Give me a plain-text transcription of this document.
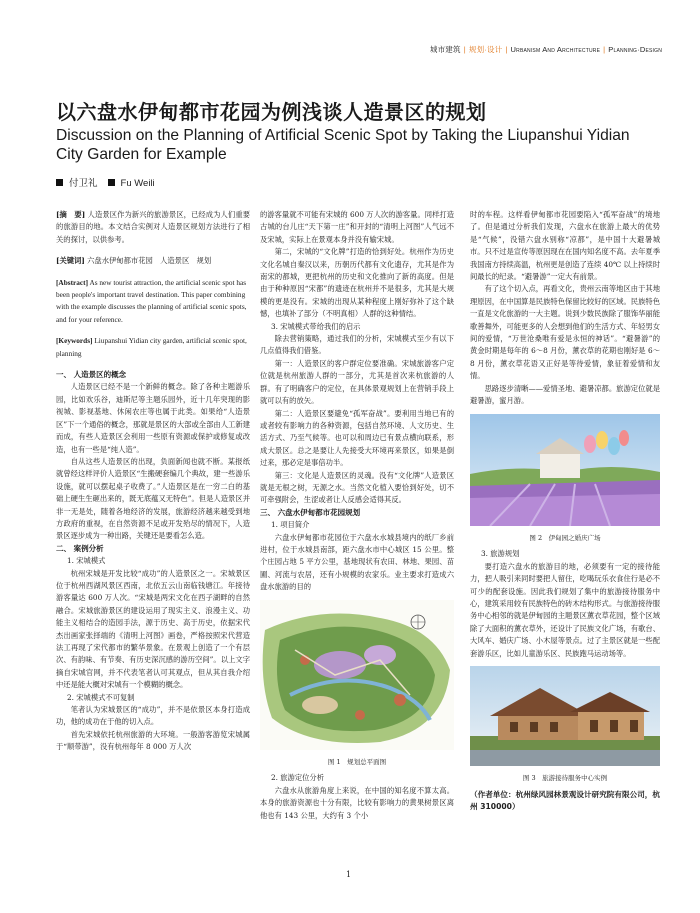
城市建筑 | 规划·设计 | Urbanism And Architecture | Planning·Design
以六盘水伊甸都市花园为例浅谈人造景区的规划

Discussion on the Planning of Artificial Scenic Spot by Taking the Liupanshui Yidian City Garden for Example

付卫礼 Fu Weili

[摘　要] 人造景区作为新兴的旅游景区，已经成为人们重要的旅游目的地。本文结合实例对人造景区规划方法进行了相关的探讨，以供参考。

[关键词] 六盘水伊甸都市花园　人造景区　规划

[Abstract] As new tourist attraction, the artificial scenic spot has been people's important travel destination. This paper combining with the example discusses the planning of artificial scenic spots, and for your reference.

[Keywords] Liupanshui Yidian city garden, artificial scenic spot, planning

一、 人造景区的概念

人造景区已经不是一个新鲜的概念。除了各种主题游乐园，比如欢乐谷，迪斯尼等主题乐园外，近十几年突现的影视城、影视基地、休闲农庄等也属于此类。如果给“人造景区”下一个通俗的概念，那就是景区的大部或全部由人工新建而成，有些人造景区会利用一些原有资源或保护或修复或改造，也有一些是“纯人造”。

自从这些人造景区的出现，负面新闻也就不断。某报纸就曾经这样评价人造景区“生搬硬套编几个典故，建一些游乐设施，就可以摆起桌子收费了。”人造景区是在一穷二白的基础上硬生生砸出来的，既无底蕴又无特色”。但是人造景区并非一无是处，随着各地经济的发展，旅游经济越来越受到地方政府的重视，在自然资源不足或开发殆尽的情况下，人造景区逐步成为一种出路，关键还是要看怎么造。

二、 案例分析

1. 宋城模式

杭州宋城是开发比较“成功”的人造景区之一。宋城景区位于杭州西湖风景区西南，北依五云山南临钱塘江。年接待游客量达 600 万人次。“宋城是两宋文化在西子湖畔的自然融合。宋城旅游景区的建设运用了现实主义、浪漫主义、功能主义相结合的造园手法，源于历史、高于历史，依据宋代杰出画家张择端的《清明上河图》画卷，严格按照宋代营造法工再现了宋代都市的繁华景象。在景观上创造了一个有层次、有韵味、有节奏、有历史深沉感的游历空间”。以上文字摘自宋城官网，并不代表笔者认可其观点，但从其自我介绍中还是能大概对宋城有一个模糊的概念。

2. 宋城模式不可复制

笔者认为宋城景区的“成功”，并不是依景区本身打造成功，他的成功在于他的切入点。

首先宋城依托杭州旅游的大环境。一般游客游览宋城属于“顺带游”，没有杭州每年 8 000 万人次

的游客量就不可能有宋城的 600 万人次的游客量。同样打造古城的台儿庄“天下第一庄”和开封的“清明上河图”人气远不及宋城，实际上在景观本身并没有输宋城。

第二，宋城的“文化牌”打造的恰到好处。杭州作为历史文化名城自秦汉以来，历朝历代都有文化遗存，尤其是作为南宋的都城，更把杭州的历史和文化推向了新的高度。但是由于种种原因“宋都”的遗迹在杭州并不是很多，尤其是大规模的更是没有。宋城的出现从某种程度上刚好弥补了这个缺憾，也填补了部分（不明真相）人群的这种情结。

3. 宋城模式带给我们的启示

除去营销策略，通过我们的分析，宋城模式至少有以下几点值得我们借鉴。

第一：人造景区的客户群定位要准确。宋城旅游客户定位就是杭州旅游人群的一部分，尤其是首次来杭旅游的人群。有了明确客户的定位，在具体景观规划上在营销手段上就可以有的放矢。

第二：人造景区要避免“孤军奋战”。要利用当地已有的或者较有影响力的各种资源，包括自然环境、人文历史、生活方式、乃至气候等。也可以和周边已有景点横向联系，形成大景区。总之是要让人先接受大环境再来景区，如果是倒过来，那必定是事倍功半。

第三：文化是人造景区的灵魂。没有“文化牌”人造景区就是无根之树，无源之水。当然文化植入要恰到好处，切不可牵强附会，生涩或者让人反感会适得其反。

三、 六盘水伊甸都市花园规划

1. 项目简介

六盘水伊甸都市花园位于六盘水水城县境内的纸厂乡前进村，位于水城县南部，距六盘水市中心城区 15 公里。整个庄园占地 5 平方公里，基地现状有农田、林地、果园、苗圃、河流与农居，还有小规模的农家乐。业主要求打造成六盘水旅游的目的

图 1　规划总平面图

2. 旅游定位分析

六盘水从旅游角度上来说，在中国的知名度不算太高。本身的旅游资源也十分有限，比较有影响力的黄果树景区离他也有 143 公里，大约有 3 个小

时的车程。这样看伊甸都市花园要陷入“孤军奋战”的境地了。但是通过分析我们发现，六盘水在旅游上最大的优势是“气候”，没错六盘水别称“凉都”，是中国十大避暑城市。只不过是宣传等原因现在在国内知名度不高。去年夏季我国南方持续高温，杭州更是创造了连续 40℃ 以上持续时间最长的纪录。“避暑游”一定大有前景。

有了这个切入点，再看文化，贵州云南等地区由于其地理原因，在中国算是民族特色保留比较好的区域。民族特色一直是文化旅游的一大主题。说到少数民族除了服饰华丽能歌善舞外，可能更多的人会想到他们的生活方式、年轻男女间的爱情，“万世沧桑唯有爱是永恒的神话”。“避暑游”的黄金时期是每年的 6～8 月份，薰衣草的花期也刚好是 6～8 月份，薰衣草花语又正好是等待爱情，象征着爱情和友情。

思路逐步清晰——爱情圣地、避暑凉都。旅游定位就是避暑游，蜜月游。

图 2　伊甸园之婚庆广场

3. 旅游规划

要打造六盘水的旅游目的地，必须要有一定的接待能力，把人吸引来同时要把人留住，吃喝玩乐衣食住行是必不可少的配套设施。因此我们规划了集中的旅游接待服务中心，建筑采用较有民族特色的砖木结构形式。与旅游接待服务中心相邻的就是伊甸园的主题景区薰衣草花园，整个区域除了大面积的薰衣草外，还设计了民族文化广场，有歌台、大风车、婚庆广场、小木屋等景点。过了主景区就是一些配套游乐区，比如儿童游乐区、民族跑马运动场等。

图 3　旅游接待服务中心实例

（作者单位：杭州绿风园林景观设计研究院有限公司，杭州 310000）

1
